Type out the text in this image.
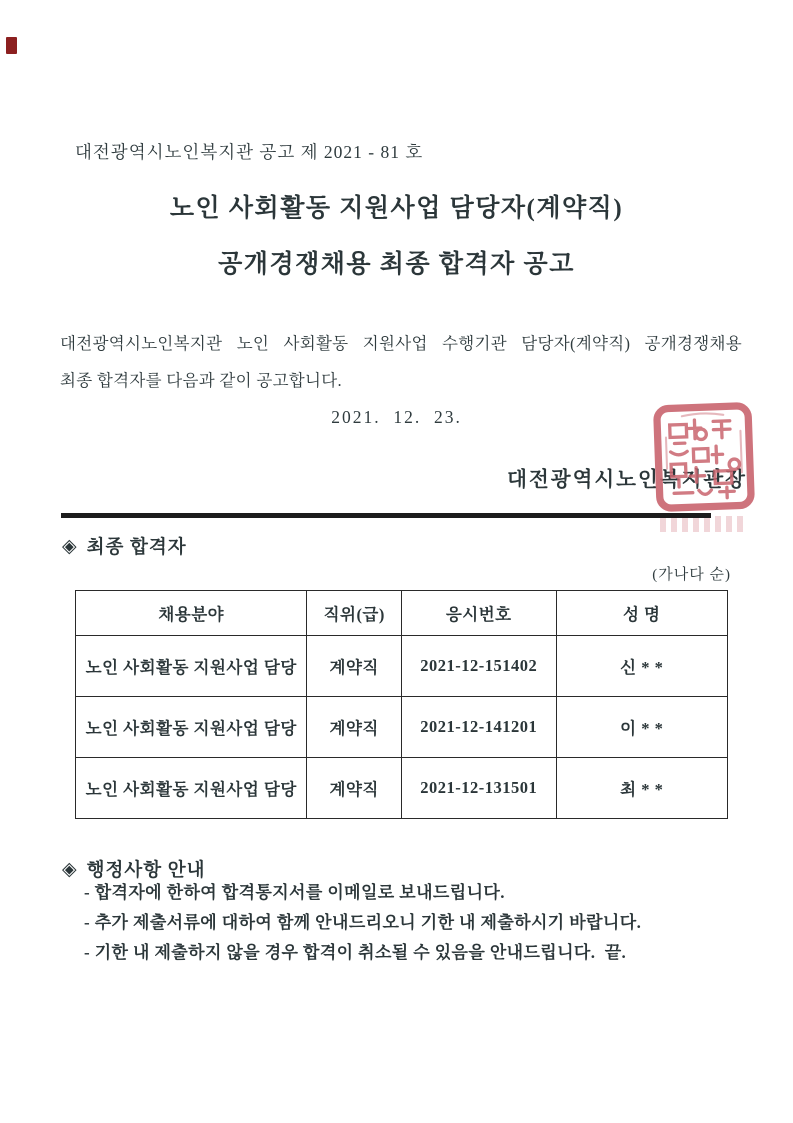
대전광역시노인복지관 공고 제 2021 - 81 호
노인 사회활동 지원사업 담당자(계약직)
공개경쟁채용 최종 합격자 공고
대전광역시노인복지관 노인 사회활동 지원사업 수행기관 담당자(계약직) 공개경쟁채용
최종 합격자를 다음과 같이 공고합니다.
2021.  12.  23.
대전광역시노인복지관장
◈ 최종 합격자
(가나다 순)
채용분야	직위(급)	응시번호	성 명
노인 사회활동 지원사업 담당	계약직	2021-12-151402	신 * *
노인 사회활동 지원사업 담당	계약직	2021-12-141201	이 * *
노인 사회활동 지원사업 담당	계약직	2021-12-131501	최 * *
◈ 행정사항 안내
- 합격자에 한하여 합격통지서를 이메일로 보내드립니다.
- 추가 제출서류에 대하여 함께 안내드리오니 기한 내 제출하시기 바랍니다.
- 기한 내 제출하지 않을 경우 합격이 취소될 수 있음을 안내드립니다.  끝.
